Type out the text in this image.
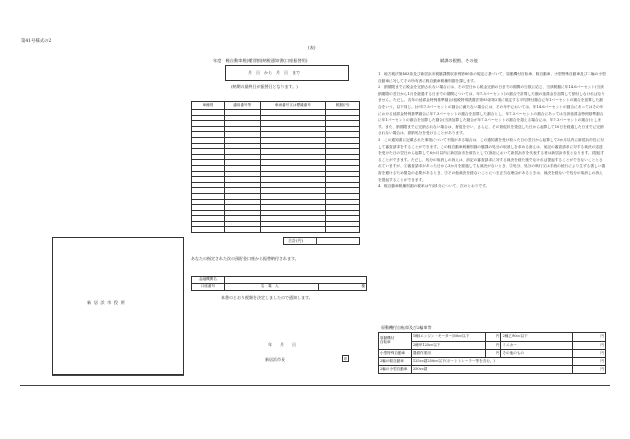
第41号様式の2
(表)
年度　軽自動車税(種別割)納税通知書(口座振替用)
月　日　から　月　日　まで
(納期の最終日が振替日となります。)
車種別	適用番号等	車両番号又は標識番号	税額(円)

合計(円)
あなたの指定された次の預貯金口座から振替納付されます。
金融機関名		
口座番号	名　義　人	様
本書のとおり税額を決定しましたので通知します。
年　　月　　日
新居浜市長	印
新 居 浜 市 役 所
賦課の根拠、その他
1　地方税法第463条及び新居浜市税賦課徴収条例第80条の規定に基づいて、原動機付自転車、軽自動車、小型特殊自動車及び二輪の小型自動車に対してその所有者に軽自動車税種別割を課します。
2　納期限までに税金を完納されない場合には、その翌日から税金完納の日までの期間の日数に応じ、当該税額に年14.6パーセント(当該納期限の翌日から1月を経過する日までの期間については、年7.3パーセント)の割合で計算した額の延滞金を加算して納付しなければなりません。ただし、各年の延滞金特例基準割合(租税特別措置法第93条第2項に規定する平均貸付割合に年1パーセントの割合を加算した割合をいう。以下同じ。)が年7.3パーセントの割合に満たない場合には、その年中においては、年14.6パーセントの割合にあってはその年における延滞金特例基準割合に年7.3パーセントの割合を加算した割合とし、年7.3パーセントの割合にあっては当該延滞金特例基準割合に年1パーセントの割合を加算した割合(当該加算した割合が年7.3パーセントの割合を超える場合には、年7.3パーセントの割合)とします。また、納期限までに完納されない場合は、督促を行い、さらに、その督促状を発送した日から起算して10日を経過した日までに完納されない場合は、滞納処分を受けることがあります。
3　この通知書に記載された事項について不服がある場合は、この通知書を受け取った日の翌日から起算して3か月以内に新居浜市長に対して審査請求をすることができます。この軽自動車税種別割の賦課の処分の取消しを求める訴えは、前記の審査請求に対する裁決の送達を受けた日の翌日から起算して6か月以内に新居浜市を被告として(訴訟において新居浜市を代表する者は新居浜市長となります。)提起することができます。ただし、処分の取消しの訴えは、前記の審査請求に対する裁決を経た後でなければ提起することができないこととされていますが、①審査請求があった日から3か月を経過しても裁決がないとき、②処分、処分の執行又は手続の続行により生ずる著しい損害を避けるため緊急の必要があるとき、③その他裁決を経ないことにつき正当な理由があるときは、裁決を経ないで処分の取消しの訴えを提起することができます。
4　軽自動車税種別割の税率は午前1分について、次のとおりです。
原動機付自転車及び2輪車等
原動機付
自転車	1種(エンジン・モーター)50cc以下	円	2種乙90cc以下	円
	2種甲125cc以下	円	ミニカー	円
小型特殊自動車	農耕作業用	円	その他のもの	円
2輪の軽自動車	125cc超250cc以下(ボートトレーラー等を含む。)			円
2輪の小型自動車	250cc超			円
